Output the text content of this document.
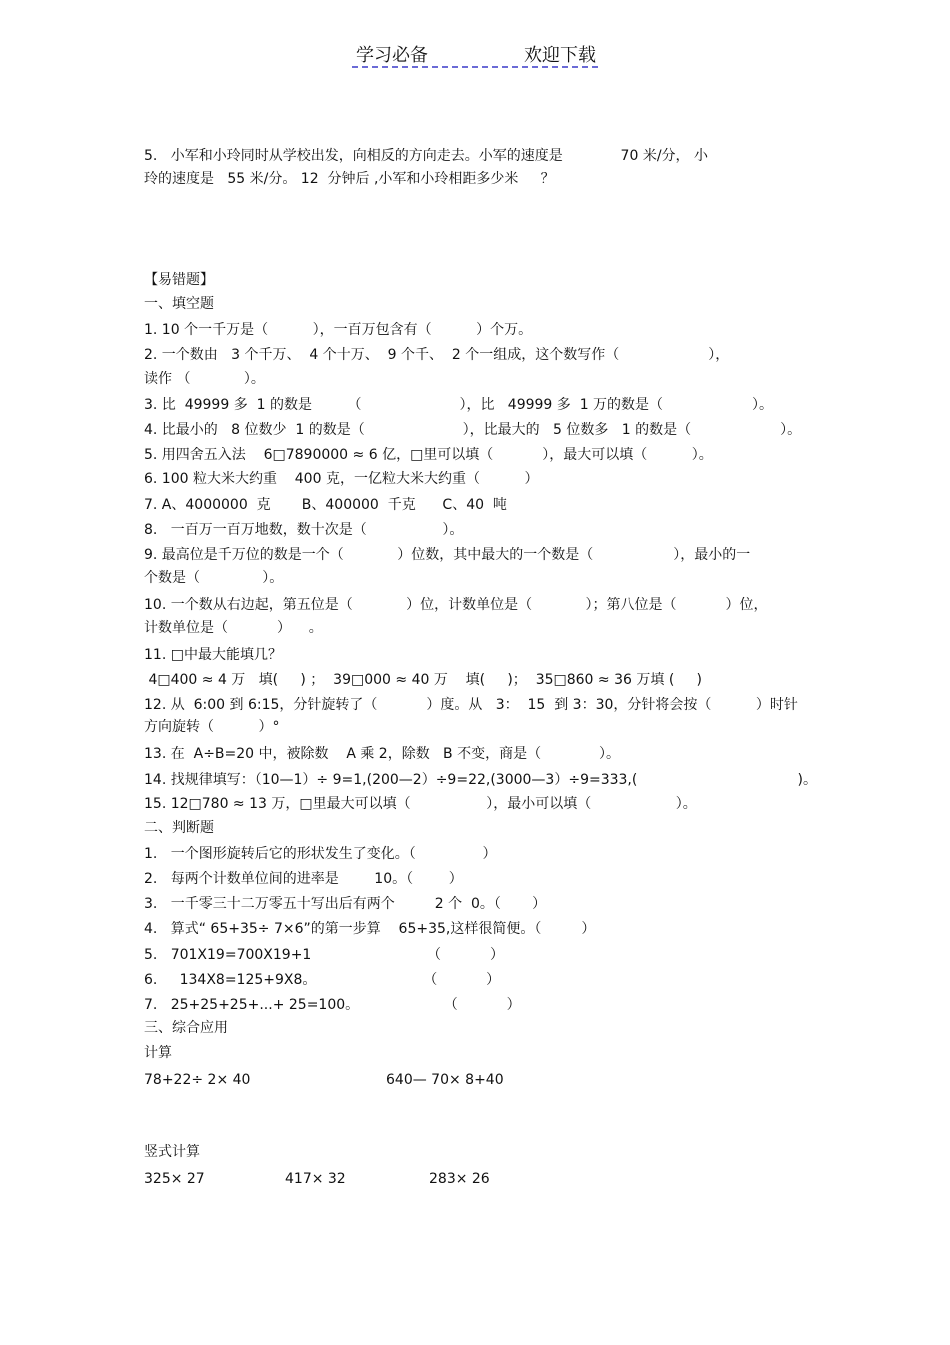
学习必备	欢迎下载
5.   小军和小玲同时从学校出发，向相反的方向走去。小军的速度是             70 米/分， 小
玲的速度是   55 米/分。 12  分钟后 ,小军和小玲相距多少米     ？
【易错题】
一、填空题
1. 10 个一千万是（          ），一百万包含有（          ）个万。
2. 一个数由   3 个千万、  4 个十万、  9 个千、  2 个一组成，这个数写作（                    ），
读作 （            ）。
3. 比  49999 多  1 的数是        （                      ），比   49999 多  1 万的数是（                    ）。
4. 比最小的   8 位数少  1 的数是（                      ），比最大的   5 位数多   1 的数是（                    ）。
5. 用四舍五入法    6□7890000 ≈ 6 亿，□里可以填（           ），最大可以填（          ）。
6. 100 粒大米大约重    400 克，一亿粒大米大约重（          ）
7. A、4000000  克       B、400000  千克      C、40  吨
8.   一百万一百万地数，数十次是（                 ）。
9. 最高位是千万位的数是一个（            ）位数，其中最大的一个数是（                  ），最小的一
个数是（              ）。
10. 一个数从右边起，第五位是（            ）位，计数单位是（            ）；第八位是（           ）位，
计数单位是（           ）    。
11. □中最大能填几？
4□400 ≈ 4 万   填(     ) ；  39□000 ≈ 40 万    填(     )；  35□860 ≈ 36 万填 (     )
12. 从  6:00 到 6:15，分针旋转了（           ）度。从   3：  15  到 3：30，分针将会按（          ）时针
方向旋转（          ）°
13. 在  A÷B=20 中，被除数    A 乘 2，除数   B 不变，商是（             ）。
14. 找规律填写：（10—1）÷ 9=1,(200—2）÷9=22,(3000—3）÷9=333,(                                    )。
15. 12□780 ≈ 13 万，□里最大可以填（                 ），最小可以填（                   ）。
二、判断题
1.   一个图形旋转后它的形状发生了变化。（               ）
2.   每两个计数单位间的进率是        10。（        ）
3.   一千零三十二万零五十写出后有两个         2 个  0。（       ）
4.   算式“ 65+35÷ 7×6”的第一步算    65+35,这样很简便。（         ）
5.   701X19=700X19+1                          （           ）
6.     134X8=125+9X8。                        （           ）
7.   25+25+25+...+ 25=100。                   （           ）
三、综合应用
计算
78+22÷ 2× 40	640— 70× 8+40
竖式计算
325× 27	417× 32	283× 26
